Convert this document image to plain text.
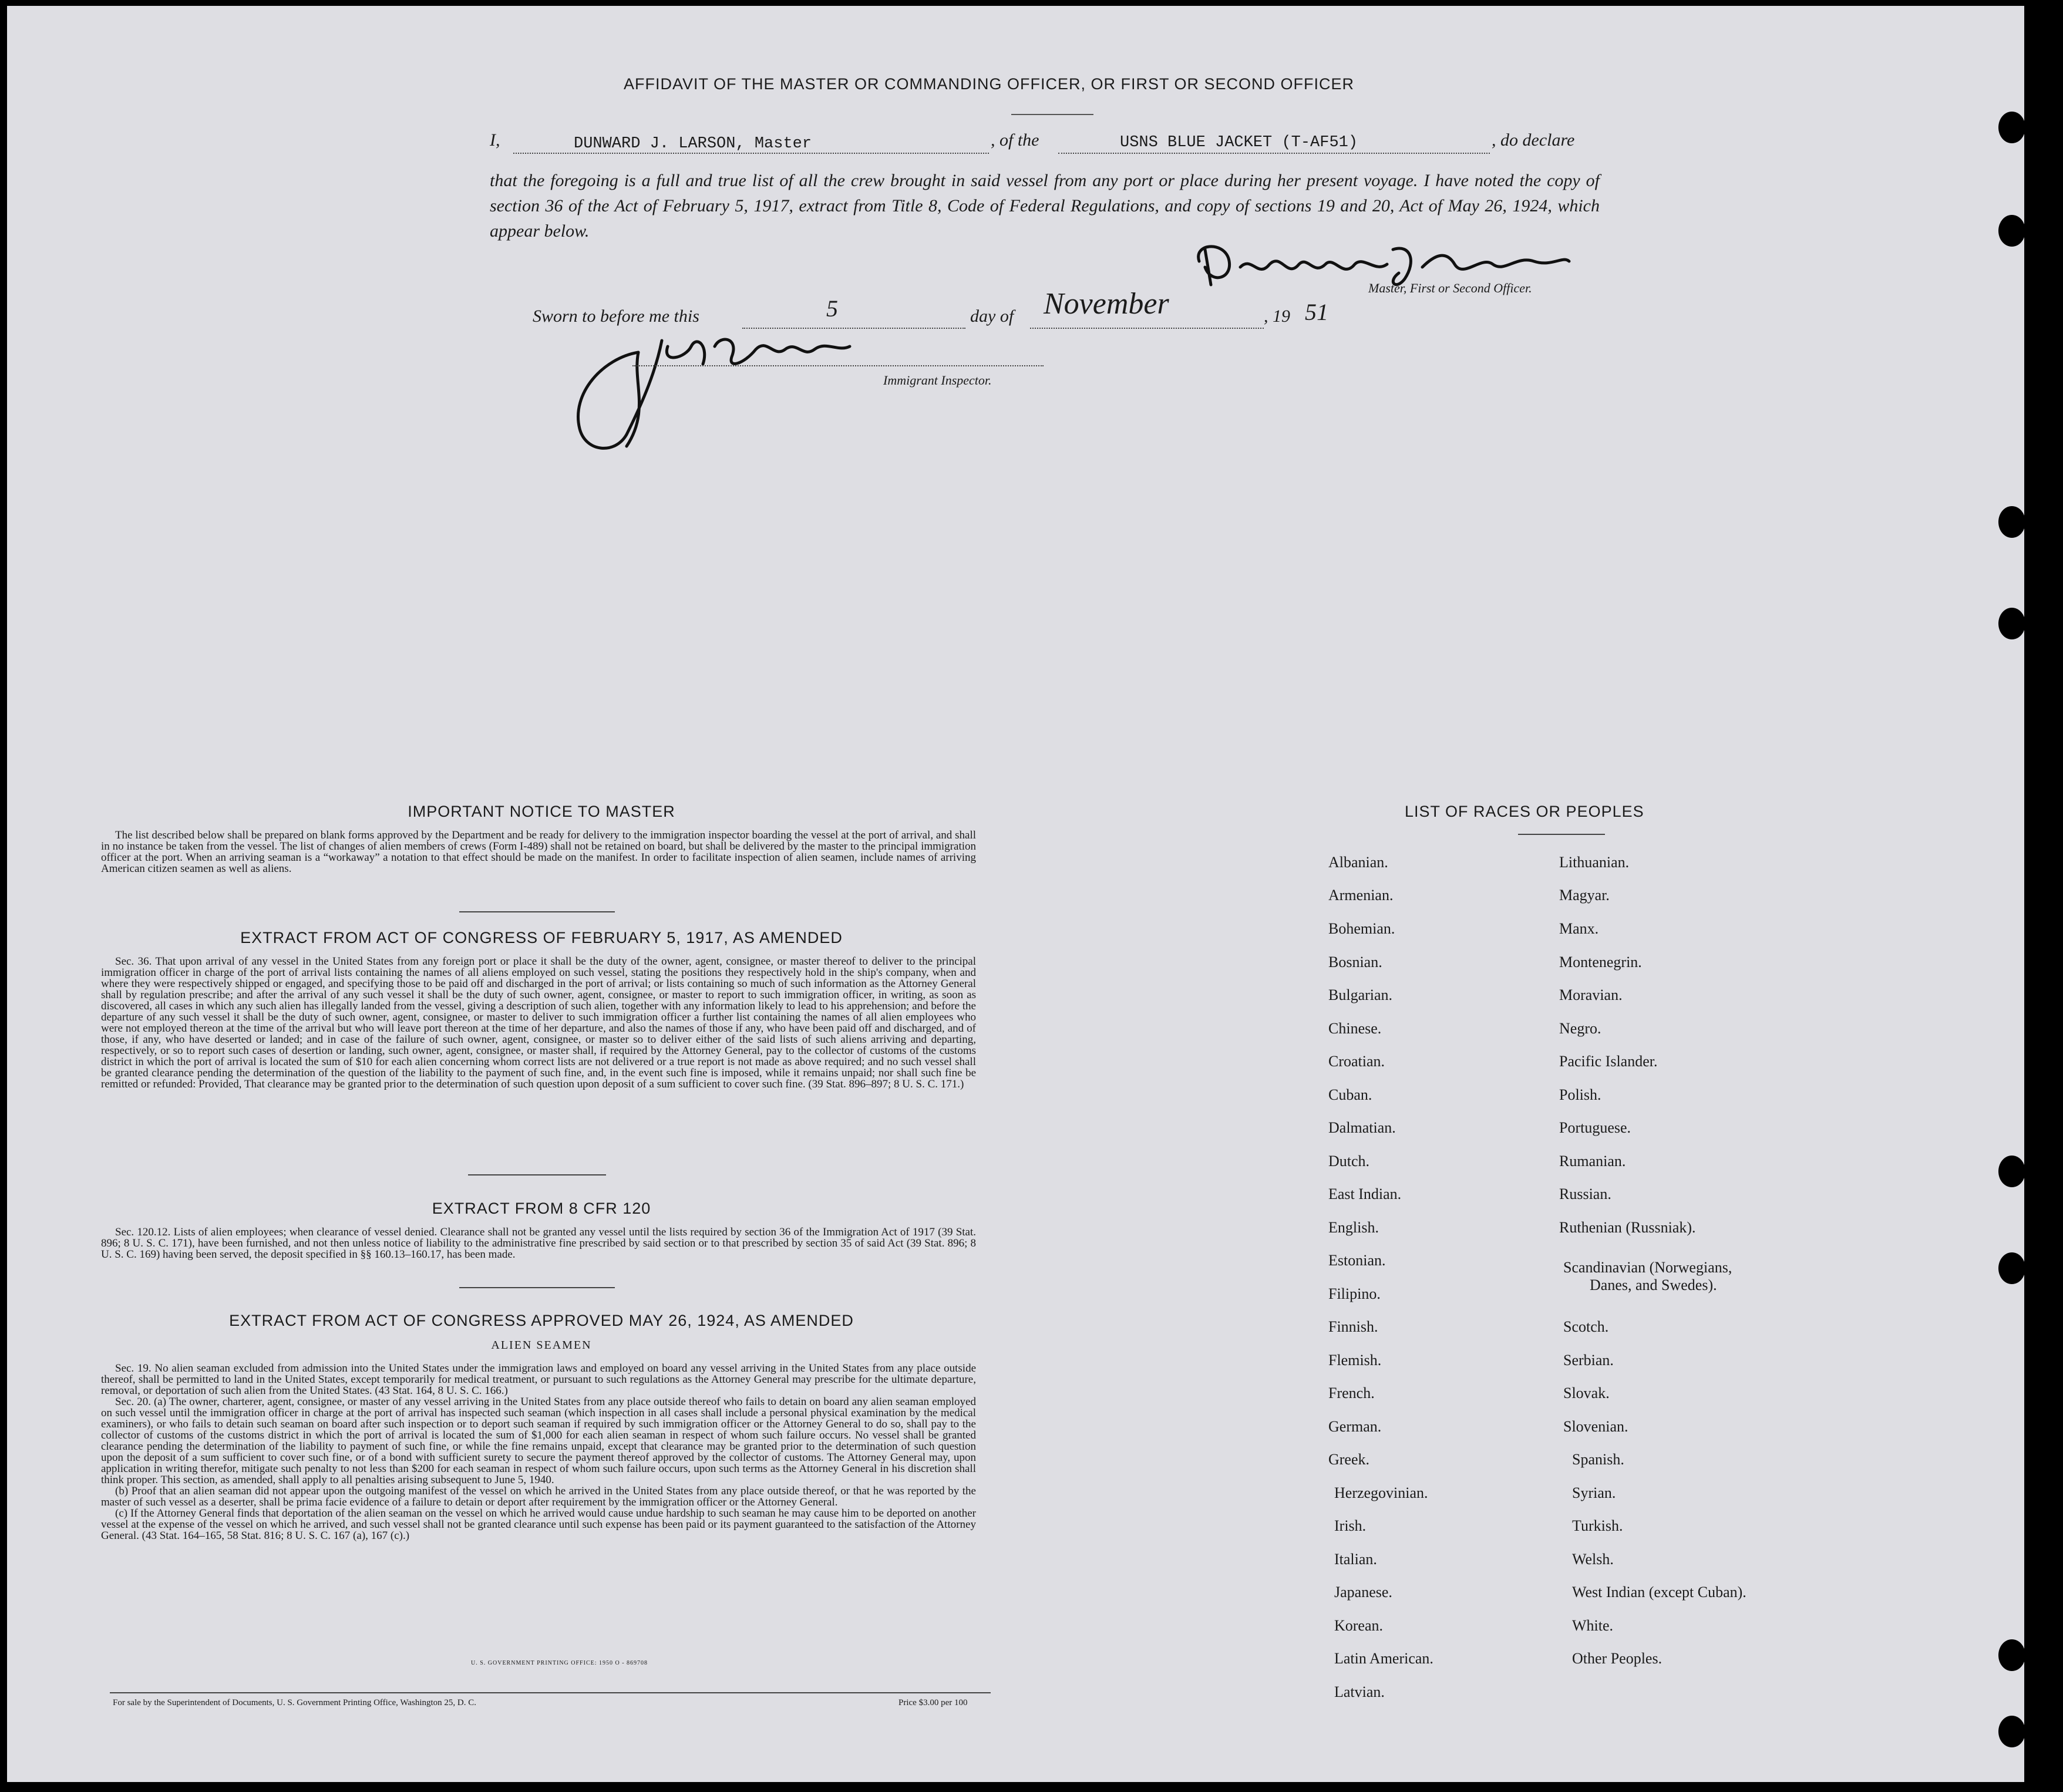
AFFIDAVIT OF THE MASTER OR COMMANDING OFFICER, OR FIRST OR SECOND OFFICER
I,	DUNWARD J. LARSON, Master	, of the	USNS BLUE JACKET (T-AF51)	, do declare
that the foregoing is a full and true list of all the crew brought in said vessel from any port or place during her present voyage. I have noted the copy of section 36 of the Act of February 5, 1917, extract from Title 8, Code of Federal Regulations, and copy of sections 19 and 20, Act of May 26, 1924, which appear below.
Master, First or Second Officer.
Sworn to before me this	5	day of November	, 19 51
Immigrant Inspector.
IMPORTANT NOTICE TO MASTER

The list described below shall be prepared on blank forms approved by the Department and be ready for delivery to the immigration inspector boarding the vessel at the port of arrival, and shall in no instance be taken from the vessel. The list of changes of alien members of crews (Form I-489) shall not be retained on board, but shall be delivered by the master to the principal immigration officer at the port. When an arriving seaman is a “workaway” a notation to that effect should be made on the manifest. In order to facilitate inspection of alien seamen, include names of arriving American citizen seamen as well as aliens.

EXTRACT FROM ACT OF CONGRESS OF FEBRUARY 5, 1917, AS AMENDED

Sec. 36. That upon arrival of any vessel in the United States from any foreign port or place it shall be the duty of the owner, agent, consignee, or master thereof to deliver to the principal immigration officer in charge of the port of arrival lists containing the names of all aliens employed on such vessel, stating the positions they respectively hold in the ship's company, when and where they were respectively shipped or engaged, and specifying those to be paid off and discharged in the port of arrival; or lists containing so much of such information as the Attorney General shall by regulation prescribe; and after the arrival of any such vessel it shall be the duty of such owner, agent, consignee, or master to report to such immigration officer, in writing, as soon as discovered, all cases in which any such alien has illegally landed from the vessel, giving a description of such alien, together with any information likely to lead to his apprehension; and before the departure of any such vessel it shall be the duty of such owner, agent, consignee, or master to deliver to such immigration officer a further list containing the names of all alien employees who were not employed thereon at the time of the arrival but who will leave port thereon at the time of her departure, and also the names of those if any, who have been paid off and discharged, and of those, if any, who have deserted or landed; and in case of the failure of such owner, agent, consignee, or master so to deliver either of the said lists of such aliens arriving and departing, respectively, or so to report such cases of desertion or landing, such owner, agent, consignee, or master shall, if required by the Attorney General, pay to the collector of customs of the customs district in which the port of arrival is located the sum of $10 for each alien concerning whom correct lists are not delivered or a true report is not made as above required; and no such vessel shall be granted clearance pending the determination of the question of the liability to the payment of such fine, and, in the event such fine is imposed, while it remains unpaid; nor shall such fine be remitted or refunded: Provided, That clearance may be granted prior to the determination of such question upon deposit of a sum sufficient to cover such fine. (39 Stat. 896–897; 8 U. S. C. 171.)

EXTRACT FROM 8 CFR 120

Sec. 120.12. Lists of alien employees; when clearance of vessel denied. Clearance shall not be granted any vessel until the lists required by section 36 of the Immigration Act of 1917 (39 Stat. 896; 8 U. S. C. 171), have been furnished, and not then unless notice of liability to the administrative fine prescribed by said section or to that prescribed by section 35 of said Act (39 Stat. 896; 8 U. S. C. 169) having been served, the deposit specified in §§ 160.13–160.17, has been made.

EXTRACT FROM ACT OF CONGRESS APPROVED MAY 26, 1924, AS AMENDED
ALIEN SEAMEN

Sec. 19. No alien seaman excluded from admission into the United States under the immigration laws and employed on board any vessel arriving in the United States from any place outside thereof, shall be permitted to land in the United States, except temporarily for medical treatment, or pursuant to such regulations as the Attorney General may prescribe for the ultimate departure, removal, or deportation of such alien from the United States. (43 Stat. 164, 8 U. S. C. 166.)

Sec. 20. (a) The owner, charterer, agent, consignee, or master of any vessel arriving in the United States from any place outside thereof who fails to detain on board any alien seaman employed on such vessel until the immigration officer in charge at the port of arrival has inspected such seaman (which inspection in all cases shall include a personal physical examination by the medical examiners), or who fails to detain such seaman on board after such inspection or to deport such seaman if required by such immigration officer or the Attorney General to do so, shall pay to the collector of customs of the customs district in which the port of arrival is located the sum of $1,000 for each alien seaman in respect of whom such failure occurs. No vessel shall be granted clearance pending the determination of the liability to payment of such fine, or while the fine remains unpaid, except that clearance may be granted prior to the determination of such question upon the deposit of a sum sufficient to cover such fine, or of a bond with sufficient surety to secure the payment thereof approved by the collector of customs. The Attorney General may, upon application in writing therefor, mitigate such penalty to not less than $200 for each seaman in respect of whom such failure occurs, upon such terms as the Attorney General in his discretion shall think proper. This section, as amended, shall apply to all penalties arising subsequent to June 5, 1940.

(b) Proof that an alien seaman did not appear upon the outgoing manifest of the vessel on which he arrived in the United States from any place outside thereof, or that he was reported by the master of such vessel as a deserter, shall be prima facie evidence of a failure to detain or deport after requirement by the immigration officer or the Attorney General.

(c) If the Attorney General finds that deportation of the alien seaman on the vessel on which he arrived would cause undue hardship to such seaman he may cause him to be deported on another vessel at the expense of the vessel on which he arrived, and such vessel shall not be granted clearance until such expense has been paid or its payment guaranteed to the satisfaction of the Attorney General. (43 Stat. 164–165, 58 Stat. 816; 8 U. S. C. 167 (a), 167 (c).)

U. S. GOVERNMENT PRINTING OFFICE: 1950 O - 869708
For sale by the Superintendent of Documents, U. S. Government Printing Office, Washington 25, D. C.	Price $3.00 per 100
LIST OF RACES OR PEOPLES
Albanian.
Armenian.
Bohemian.
Bosnian.
Bulgarian.
Chinese.
Croatian.
Cuban.
Dalmatian.
Dutch.
East Indian.
English.
Estonian.
Filipino.
Finnish.
Flemish.
French.
German.
Greek.
Herzegovinian.
Irish.
Italian.
Japanese.
Korean.
Latin American.
Latvian.
Lithuanian.
Magyar.
Manx.
Montenegrin.
Moravian.
Negro.
Pacific Islander.
Polish.
Portuguese.
Rumanian.
Russian.
Ruthenian (Russniak).
Scandinavian (Norwegians,
Danes, and Swedes).
Scotch.
Serbian.
Slovak.
Slovenian.
Spanish.
Syrian.
Turkish.
Welsh.
West Indian (except Cuban).
White.
Other Peoples.
